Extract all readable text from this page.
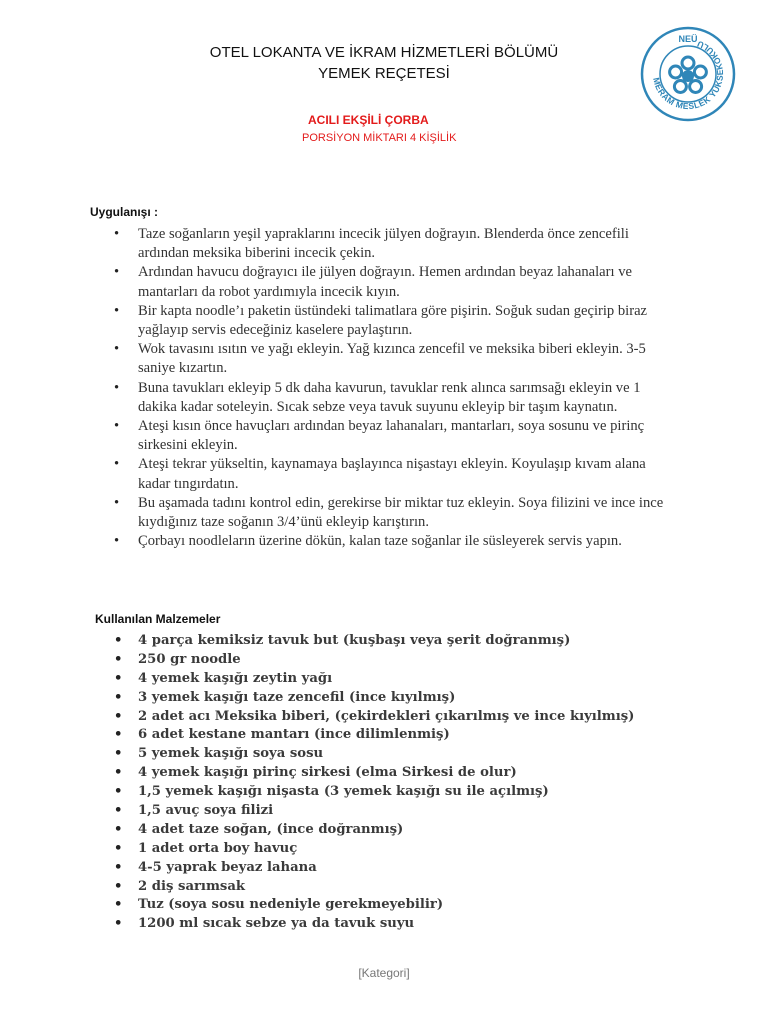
OTEL LOKANTA VE İKRAM HİZMETLERİ BÖLÜMÜ
YEMEK REÇETESİ	MERAM MESLEK YÜKSEKOKULU
NEÜ
ACILI EKŞİLİ ÇORBA
PORSİYON MİKTARI 4 KİŞİLİK
Uygulanışı :
• Taze soğanların yeşil yapraklarını incecik jülyen doğrayın. Blenderda önce zencefili ardından meksika biberini incecik çekin.
• Ardından havucu doğrayıcı ile jülyen doğrayın. Hemen ardından beyaz lahanaları ve mantarları da robot yardımıyla incecik kıyın.
• Bir kapta noodle’ı paketin üstündeki talimatlara göre pişirin. Soğuk sudan geçirip biraz yağlayıp servis edeceğiniz kaselere paylaştırın.
• Wok tavasını ısıtın ve yağı ekleyin. Yağ kızınca zencefil ve meksika biberi ekleyin. 3-5 saniye kızartın.
• Buna tavukları ekleyip 5 dk daha kavurun, tavuklar renk alınca sarımsağı ekleyin ve 1 dakika kadar soteleyin. Sıcak sebze veya tavuk suyunu ekleyip bir taşım kaynatın.
• Ateşi kısın önce havuçları ardından beyaz lahanaları, mantarları, soya sosunu ve pirinç sirkesini ekleyin.
• Ateşi tekrar yükseltin, kaynamaya başlayınca nişastayı ekleyin. Koyulaşıp kıvam alana kadar tıngırdatın.
• Bu aşamada tadını kontrol edin, gerekirse bir miktar tuz ekleyin. Soya filizini ve ince ince kıydığınız taze soğanın 3/4’ünü ekleyip karıştırın.
• Çorbayı noodleların üzerine dökün, kalan taze soğanlar ile süsleyerek servis yapın.
Kullanılan Malzemeler
• 4 parça kemiksiz tavuk but (kuşbaşı veya şerit doğranmış)
• 250 gr noodle
• 4 yemek kaşığı zeytin yağı
• 3 yemek kaşığı taze zencefil (ince kıyılmış)
• 2 adet acı Meksika biberi, (çekirdekleri çıkarılmış ve ince kıyılmış)
• 6 adet kestane mantarı (ince dilimlenmiş)
• 5 yemek kaşığı soya sosu
• 4 yemek kaşığı pirinç sirkesi (elma Sirkesi de olur)
• 1,5 yemek kaşığı nişasta (3 yemek kaşığı su ile açılmış)
• 1,5 avuç soya filizi
• 4 adet taze soğan, (ince doğranmış)
• 1 adet orta boy havuç
• 4-5 yaprak beyaz lahana
• 2 diş sarımsak
• Tuz (soya sosu nedeniyle gerekmeyebilir)
• 1200 ml sıcak sebze ya da tavuk suyu
[Kategori]
